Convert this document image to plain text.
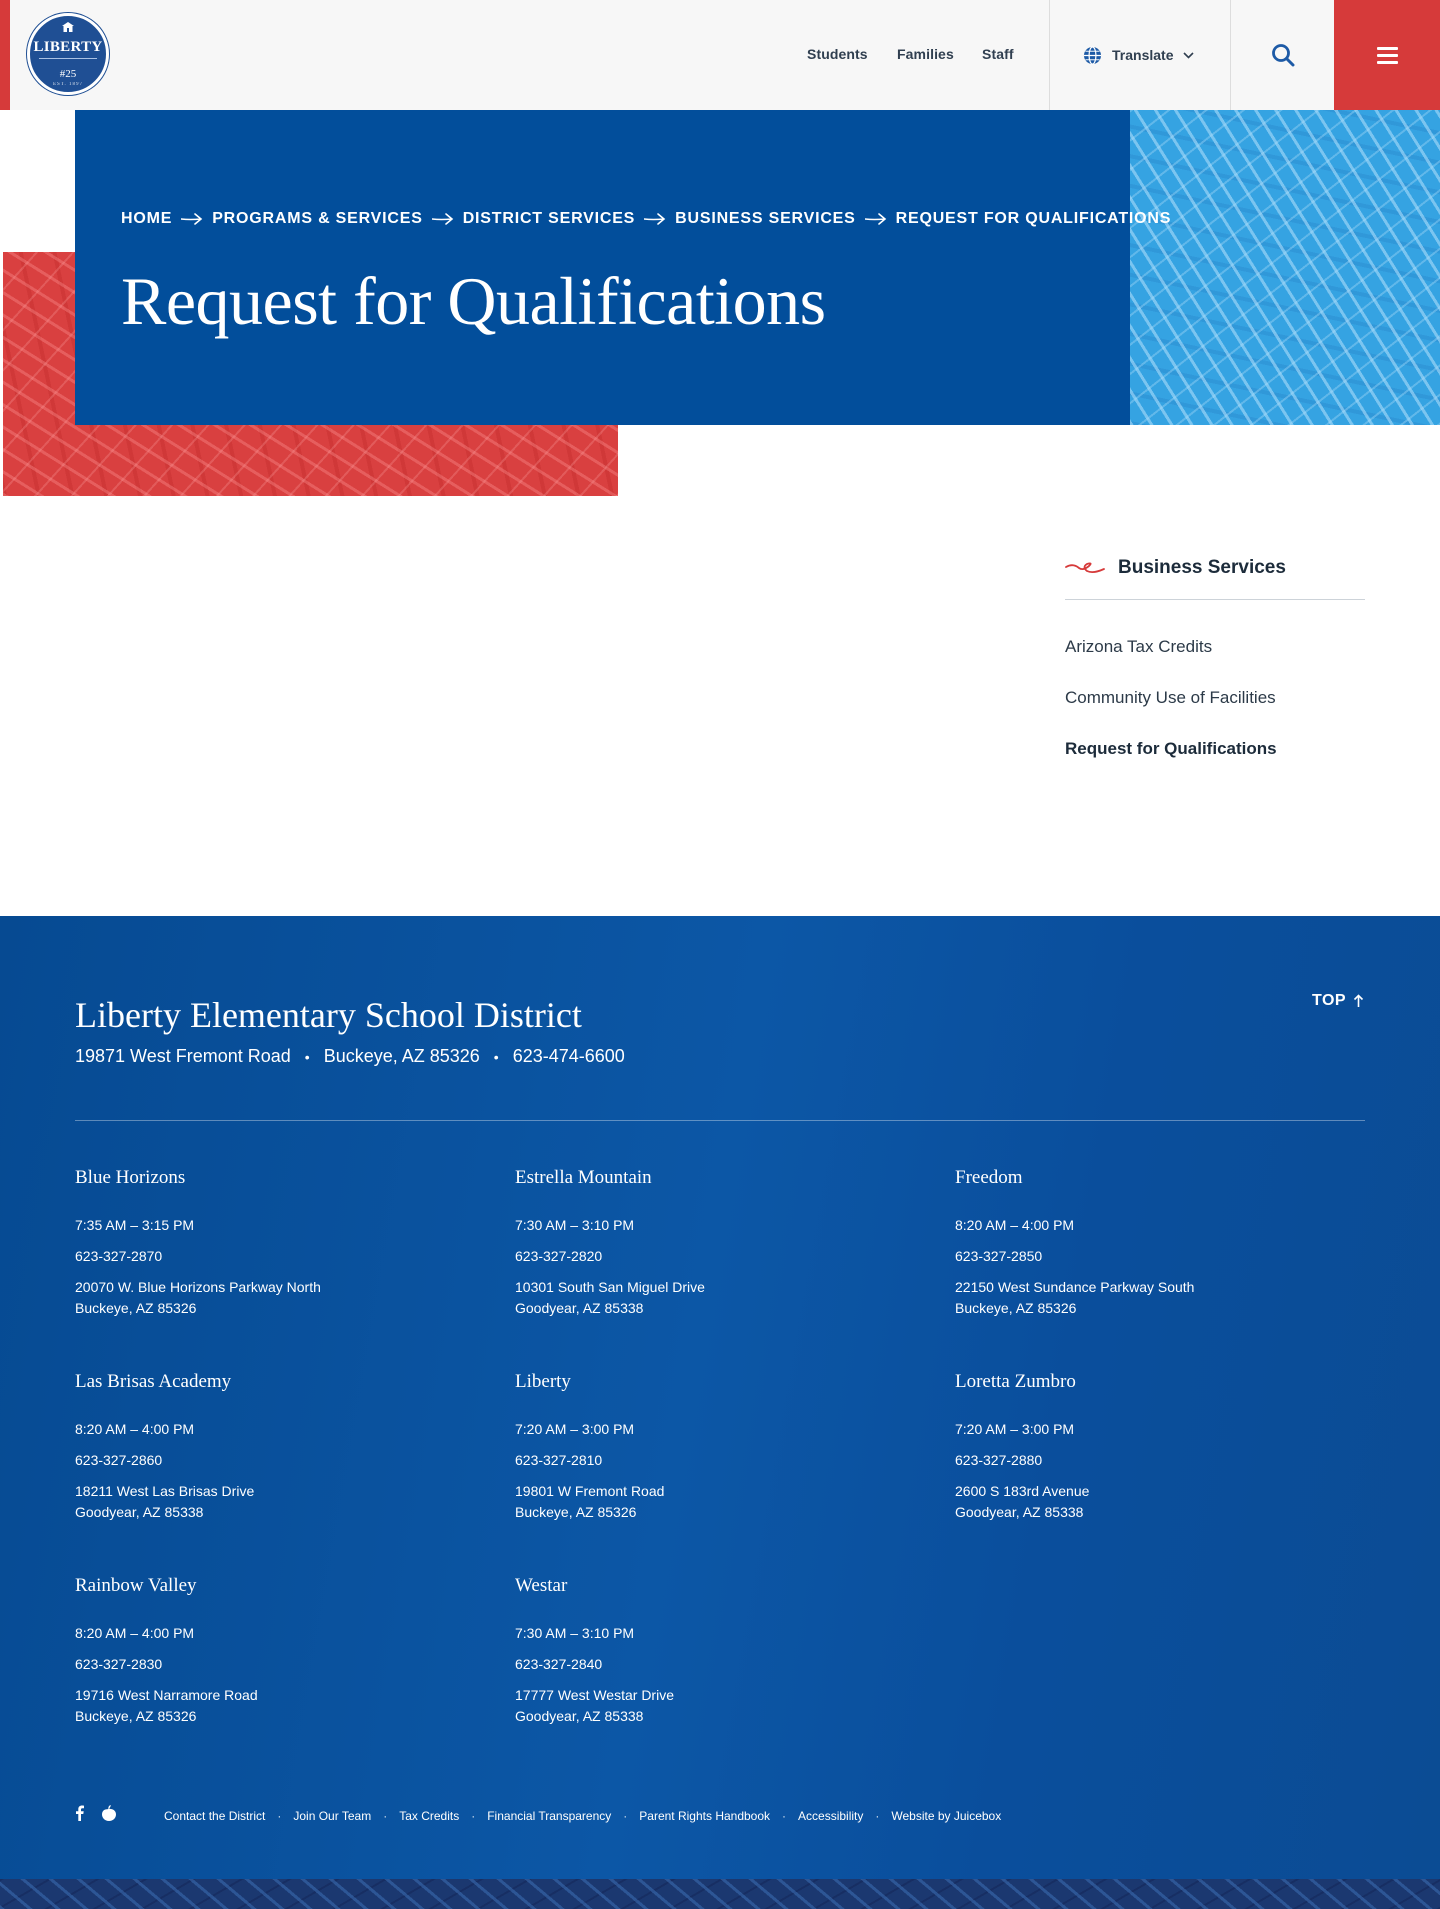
LIBERTY
#25
EST. 1897
Students Families Staff	Translate
HOME	PROGRAMS & SERVICES	DISTRICT SERVICES	BUSINESS SERVICES	REQUEST FOR QUALIFICATIONS
Request for Qualifications
Business Services
Arizona Tax Credits
Community Use of Facilities
Request for Qualifications
Liberty Elementary School District
19871 West Fremont Road • Buckeye, AZ 85326 • 623-474-6600
TOP
Blue Horizons
7:35 AM – 3:15 PM
623-327-2870
20070 W. Blue Horizons Parkway North
Buckeye, AZ 85326
Estrella Mountain
7:30 AM – 3:10 PM
623-327-2820
10301 South San Miguel Drive
Goodyear, AZ 85338
Freedom
8:20 AM – 4:00 PM
623-327-2850
22150 West Sundance Parkway South
Buckeye, AZ 85326
Las Brisas Academy
8:20 AM – 4:00 PM
623-327-2860
18211 West Las Brisas Drive
Goodyear, AZ 85338
Liberty
7:20 AM – 3:00 PM
623-327-2810
19801 W Fremont Road
Buckeye, AZ 85326
Loretta Zumbro
7:20 AM – 3:00 PM
623-327-2880
2600 S 183rd Avenue
Goodyear, AZ 85338
Rainbow Valley
8:20 AM – 4:00 PM
623-327-2830
19716 West Narramore Road
Buckeye, AZ 85326
Westar
7:30 AM – 3:10 PM
623-327-2840
17777 West Westar Drive
Goodyear, AZ 85338
Contact the District · Join Our Team · Tax Credits · Financial Transparency · Parent Rights Handbook · Accessibility · Website by Juicebox
